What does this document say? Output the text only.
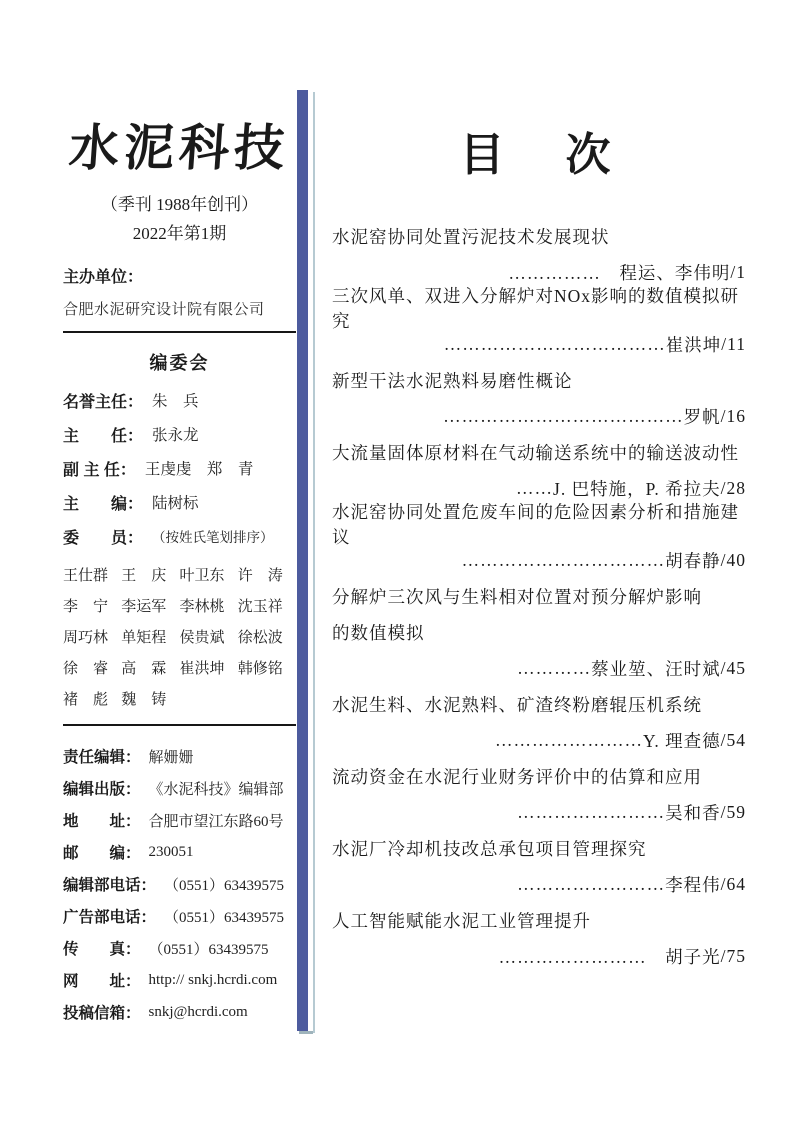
水泥科技
（季刊 1988年创刊）
2022年第1期
主办单位：
合肥水泥研究设计院有限公司
编委会
名誉主任： 朱　兵
主　　任： 张永龙
副 主 任： 王虔虔　郑　青
主　　编： 陆树标
委　　员： （按姓氏笔划排序）
王仕群 王　庆 叶卫东 许　涛
李　宁 李运军 李林桃 沈玉祥
周巧林 单矩程 侯贵斌 徐松波
徐　睿 高　霖 崔洪坤 韩修铭
褚　彪 魏　铸
责任编辑： 解姗姗
编辑出版： 《水泥科技》编辑部
地　　址： 合肥市望江东路60号
邮　　编： 230051
编辑部电话： （0551）63439575
广告部电话： （0551）63439575
传　　真： （0551）63439575
网　　址： http:// snkj.hcrdi.com
投稿信箱： snkj@hcrdi.com
目　次
水泥窑协同处置污泥技术发展现状
……………　 程运、李伟明 /1
三次风单、双进入分解炉对NOx影响的数值模拟研究
……………………………… 崔洪坤 /11
新型干法水泥熟料易磨性概论
………………………………… 罗帆 /16
大流量固体原材料在气动输送系统中的输送波动性
…… J. 巴特施，P. 希拉夫 /28
水泥窑协同处置危废车间的危险因素分析和措施建议
…………………………… 胡春静 /40
分解炉三次风与生料相对位置对预分解炉影响
的数值模拟
………… 蔡业堃、汪时斌 /45
水泥生料、水泥熟料、矿渣终粉磨辊压机系统
…………………… Y. 理查德 /54
流动资金在水泥行业财务评价中的估算和应用
…………………… 吴和香 /59
水泥厂冷却机技改总承包项目管理探究
…………………… 李程伟 /64
人工智能赋能水泥工业管理提升
……………………　 胡子光 /75
